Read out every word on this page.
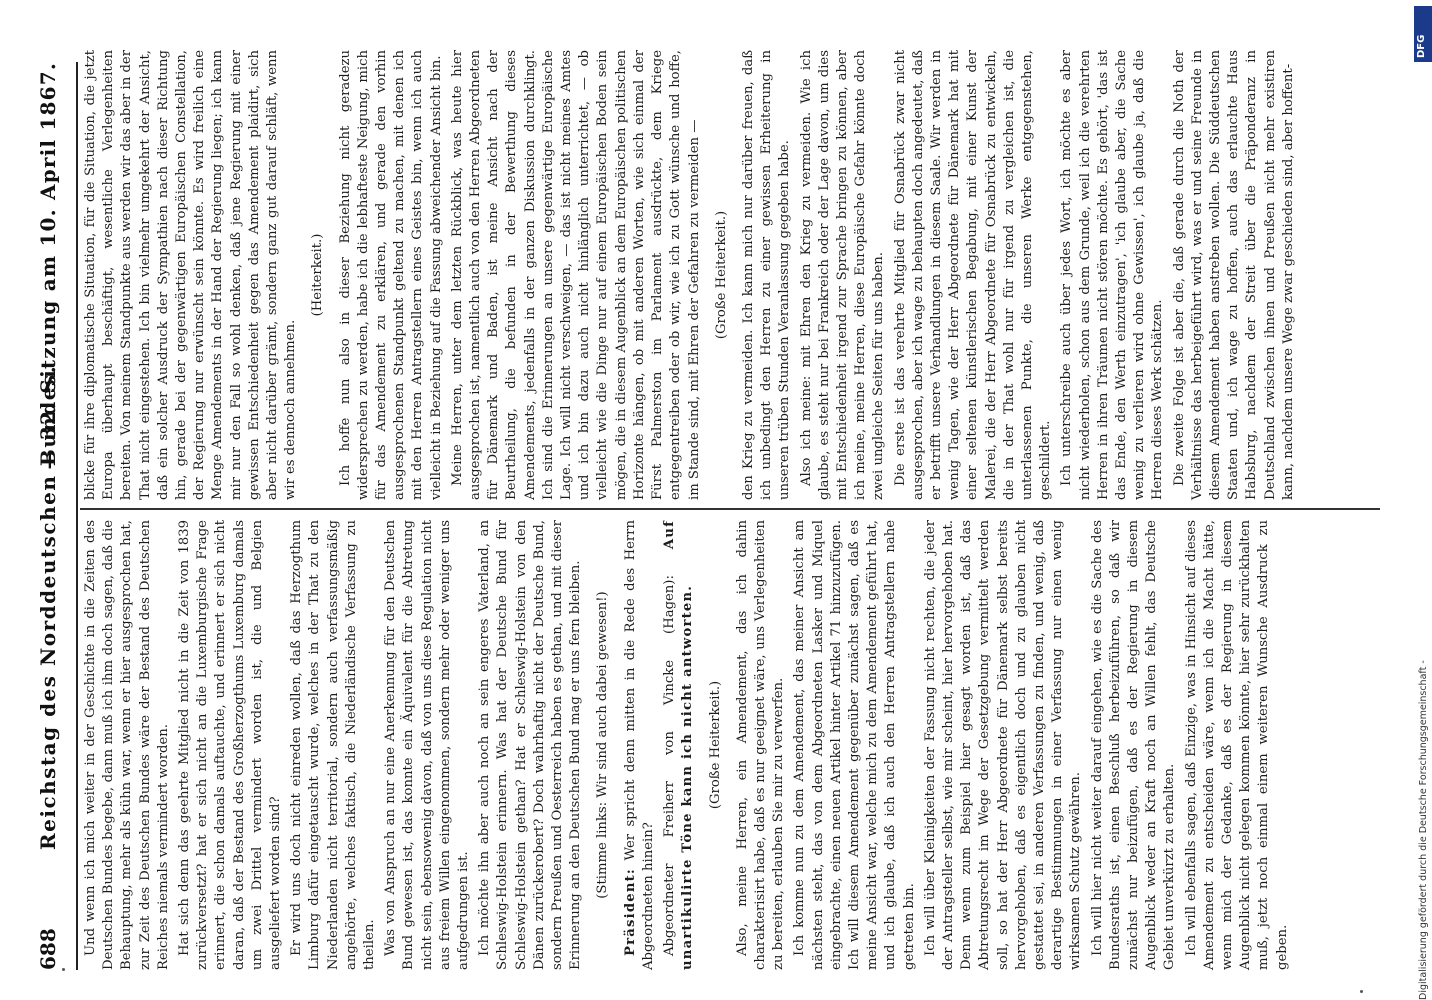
688
Reichstag des Norddeutschen Bundes.
— 32. Sitzung am 10. April 1867.

Und wenn ich mich weiter in der Geschichte in die Zeiten des Deutschen Bundes begebe, dann muß ich ihm doch sagen, daß die Behauptung, mehr als kühn war, wenn er hier ausgesprochen hat, zur Zeit des Deutschen Bundes wäre der Bestand des Deutschen Reiches niemals vermindert worden. Hat sich denn das geehrte Mitglied nicht in die Zeit von 1839 zurückversetzt? hat er sich nicht an die Luxemburgische Frage erinnert, die schon damals auftauchte, und erinnert er sich nicht daran, daß der Bestand des Großherzogthums Luxemburg damals um zwei Drittel vermindert worden ist, die und Belgien ausgeliefert worden sind? Er wird uns doch nicht einreden wollen, daß das Herzogthum Limburg dafür eingetauscht wurde, welches in der That zu den Niederlanden nicht territorial, sondern auch verfassungsmäßig angehörte, welches faktisch, die Niederländische Verfassung zu theilen. Was von Anspruch an nur eine Anerkennung für den Deutschen Bund gewesen ist, das konnte ein Äquivalent für die Abtretung nicht sein, ebensowenig davon, daß von uns diese Regulation nicht aus freiem Willen eingenommen, sondern mehr oder weniger uns aufgedrungen ist. Ich möchte ihn aber auch noch an sein engeres Vaterland, an Schleswig-Holstein erinnern. Was hat der Deutsche Bund für Schleswig-Holstein gethan? Hat er Schleswig-Holstein von den Dänen zurückerobert? Doch wahrhaftig nicht der Deutsche Bund, sondern Preußen und Oesterreich haben es gethan, und mit dieser Erinnerung an den Deutschen Bund mag er uns fern bleiben. (Stimme links: Wir sind auch dabei gewesen!)

Präsident: Wer spricht denn mitten in die Rede des Herrn Abgeordneten hinein? Abgeordneter Freiherr von Vincke (Hagen): Auf unartikulirte Töne kann ich nicht antworten. (Große Heiterkeit.) Also, meine Herren, ein Amendement, das ich dahin charakterisirt habe, daß es nur geeignet wäre, uns Verlegenheiten zu bereiten, erlauben Sie mir zu verwerfen. Ich komme nun zu dem Amendement, das meiner Ansicht am nächsten steht, das von dem Abgeordneten Lasker und Miquel eingebrachte, einen neuen Artikel hinter Artikel 71 hinzuzufügen. Ich will diesem Amendement gegenüber zunächst sagen, daß es meine Ansicht war, welche mich zu dem Amendement geführt hat, und ich glaube, daß ich auch den Herren Antragstellern nahe getreten bin. Ich will über Kleinigkeiten der Fassung nicht rechten, die jeder der Antragsteller selbst, wie mir scheint, hier hervorgehoben hat. Denn wenn zum Beispiel hier gesagt worden ist, daß das Abtretungsrecht im Wege der Gesetzgebung vermittelt werden soll, so hat der Herr Abgeordnete für Dänemark selbst bereits hervorgehoben, daß es eigentlich doch und zu glauben nicht gestattet sei, in anderen Verfassungen zu finden, und wenig, daß derartige Bestimmungen in einer Verfassung nur einen wenig wirksamen Schutz gewähren. Ich will hier nicht weiter darauf eingehen, wie es die Sache des Bundesraths ist, einen Beschluß herbeizuführen, so daß wir zunächst nur beizufügen, daß es der Regierung in diesem Augenblick weder an Kraft noch an Willen fehlt, das Deutsche Gebiet unverkürzt zu erhalten. Ich will ebenfalls sagen, daß Einzige, was in Hinsicht auf dieses Amendement zu entscheiden wäre, wenn ich die Macht hätte, wenn mich der Gedanke, daß es der Regierung in diesem Augenblick nicht gelegen kommen könnte, hier sehr zurückhalten muß, jetzt noch einmal einem weiteren Wunsche Ausdruck zu geben.

blicke für ihre diplomatische Situation, für die Situation, die jetzt Europa überhaupt beschäftigt, wesentliche Verlegenheiten bereiten. Von meinem Standpunkte aus werden wir das aber in der That nicht eingestehen. Ich bin vielmehr umgekehrt der Ansicht, daß ein solcher Ausdruck der Sympathien nach dieser Richtung hin, gerade bei der gegenwärtigen Europäischen Constellation, der Regierung nur erwünscht sein könnte. Es wird freilich eine Menge Amendements in der Hand der Regierung liegen; ich kann mir nur den Fall so wohl denken, daß jene Regierung mit einer gewissen Entschiedenheit gegen das Amendement plaidirt, sich aber nicht darüber grämt, sondern ganz gut darauf schläft, wenn wir es dennoch annehmen.

(Heiterkeit.) Ich hoffe nun also in dieser Beziehung nicht geradezu widersprechen zu werden, habe ich die lebhafteste Neigung, mich für das Amendement zu erklären, und gerade den vorhin ausgesprochenen Standpunkt geltend zu machen, mit denen ich mit den Herren Antragstellern eines Geistes bin, wenn ich auch vielleicht in Beziehung auf die Fassung abweichender Ansicht bin. Meine Herren, unter dem letzten Rückblick, was heute hier ausgesprochen ist, namentlich auch von den Herren Abgeordneten für Dänemark und Baden, ist meine Ansicht nach der Beurtheilung, die befunden in der Bewerthung dieses Amendements, jedenfalls in der ganzen Diskussion durchklingt. Ich sind die Erinnerungen an unsere gegenwärtige Europäische Lage. Ich will nicht verschweigen, — das ist nicht meines Amtes und ich bin dazu auch nicht hinlänglich unterrichtet, — ob vielleicht wie die Dinge nur auf einem Europäischen Boden sein mögen, die in diesem Augenblick an dem Europäischen politischen Horizonte hängen, ob mit anderen Worten, wie sich einmal der Fürst Palmerston im Parlament ausdrückte, dem Kriege entgegentreiben oder ob wir, wie ich zu Gott wünsche und hoffe, im Stande sind, mit Ehren der Gefahren zu vermeiden — (Große Heiterkeit.) den Krieg zu vermeiden. Ich kann mich nur darüber freuen, daß ich unbedingt den Herren zu einer gewissen Erheiterung in unseren trüben Stunden Veranlassung gegeben habe. Also ich meine: mit Ehren den Krieg zu vermeiden. Wie ich glaube, es steht nur bei Frankreich oder der Lage davon, um dies mit Entschiedenheit irgend zur Sprache bringen zu können, aber ich meine, meine Herren, diese Europäische Gefahr könnte doch zwei ungleiche Seiten für uns haben. Die erste ist das verehrte Mitglied für Osnabrück zwar nicht ausgesprochen, aber ich wage zu behaupten doch angedeutet, daß er betrifft unsere Verhandlungen in diesem Saale. Wir werden in wenig Tagen, wie der Herr Abgeordnete für Dänemark hat mit einer seltenen künstlerischen Begabung, mit einer Kunst der Malerei, die der Herr Abgeordnete für Osnabrück zu entwickeln, die in der That wohl nur für irgend zu vergleichen ist, die unterlassenen Punkte, die unseren Werke entgegenstehen, geschildert. Ich unterschreibe auch über jedes Wort, ich möchte es aber nicht wiederholen, schon aus dem Grunde, weil ich die verehrten Herren in ihren Träumen nicht stören möchte. Es gehört, 'das ist das Ende, den Werth einzutragen', 'ich glaube aber, die Sache wenig zu verlieren wird ohne Gewissen', ich glaube ja, daß die Herren dieses Werk schätzen. Die zweite Folge ist aber die, daß gerade durch die Noth der Verhältnisse das herbeigeführt wird, was er und seine Freunde in diesem Amendement haben anstreben wollen. Die Süddeutschen Staaten und, ich wage zu hoffen, auch das erlauchte Haus Habsburg, nachdem der Streit über die Präponderanz in Deutschland zwischen ihnen und Preußen nicht mehr existiren kann, nachdem unsere Wege zwar geschieden sind, aber hoffent-

Digitalisierung gefördert durch die Deutsche Forschungsgemeinschaft -
DFG
